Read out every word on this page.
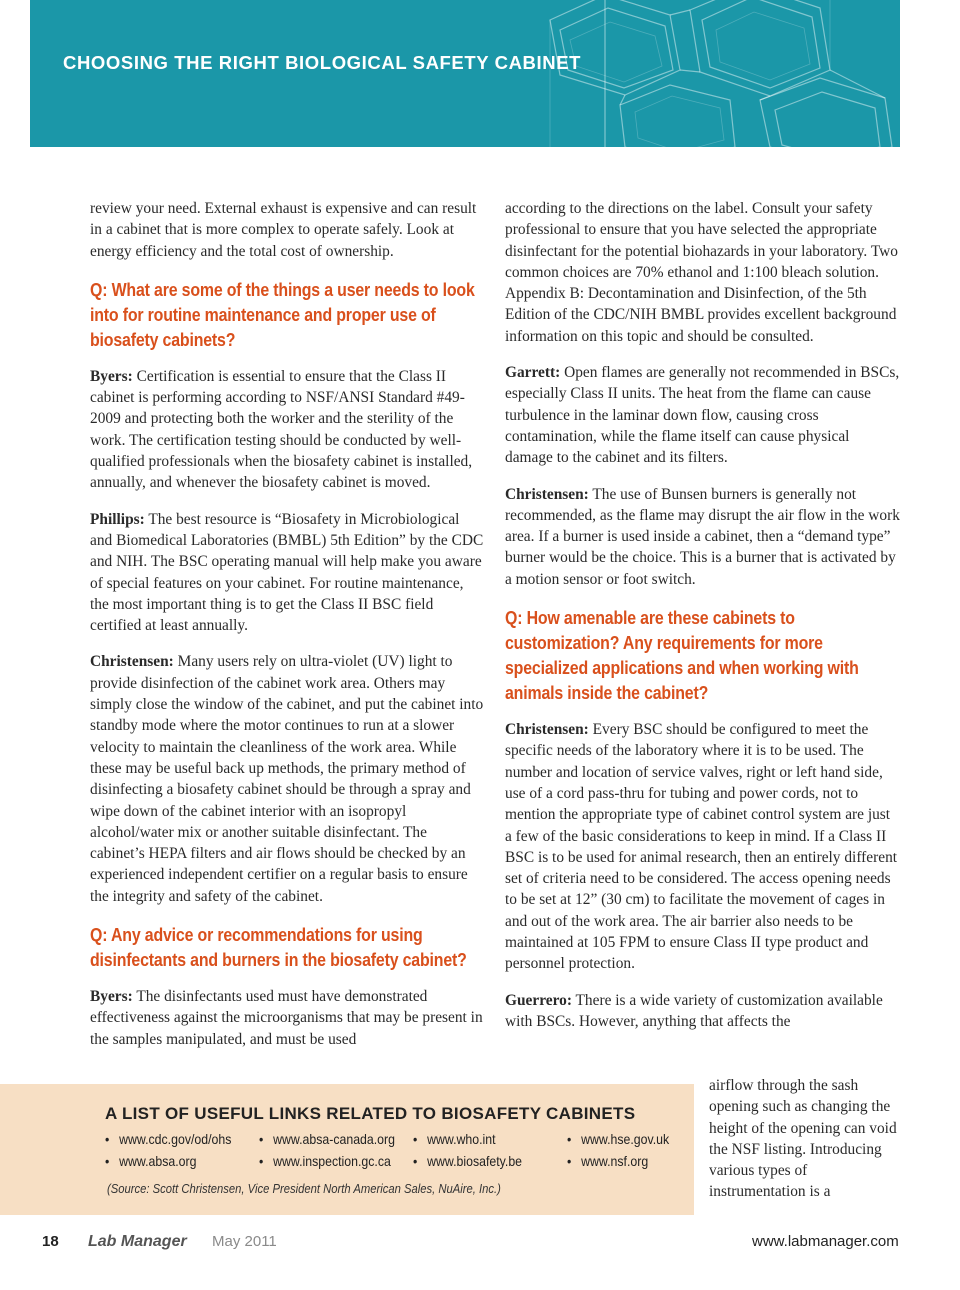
CHOOSING THE RIGHT BIOLOGICAL SAFETY CABINET

review your need. External exhaust is expensive and can result in a cabinet that is more complex to operate safely. Look at energy efficiency and the total cost of ownership.

Q: What are some of the things a user needs to look into for routine maintenance and proper use of biosafety cabinets?

Byers: Certification is essential to ensure that the Class II cabinet is performing according to NSF/ANSI Standard #49-2009 and protecting both the worker and the sterility of the work. The certification testing should be conducted by well-qualified professionals when the biosafety cabinet is installed, annually, and whenever the biosafety cabinet is moved.

Phillips: The best resource is “Biosafety in Microbiological and Biomedical Laboratories (BMBL) 5th Edition” by the CDC and NIH. The BSC operating manual will help make you aware of special features on your cabinet. For routine maintenance, the most important thing is to get the Class II BSC field certified at least annually.

Christensen: Many users rely on ultra-violet (UV) light to provide disinfection of the cabinet work area. Others may simply close the window of the cabinet, and put the cabinet into standby mode where the motor continues to run at a slower velocity to maintain the cleanliness of the work area. While these may be useful back up methods, the primary method of disinfecting a biosafety cabinet should be through a spray and wipe down of the cabinet interior with an isopropyl alcohol/water mix or another suitable disinfectant. The cabinet’s HEPA filters and air flows should be checked by an experienced independent certifier on a regular basis to ensure the integrity and safety of the cabinet.

Q: Any advice or recommendations for using disinfectants and burners in the biosafety cabinet?

Byers: The disinfectants used must have demonstrated effectiveness against the microorganisms that may be present in the samples manipulated, and must be used

according to the directions on the label. Consult your safety professional to ensure that you have selected the appropriate disinfectant for the potential biohazards in your laboratory. Two common choices are 70% ethanol and 1:100 bleach solution. Appendix B: Decontamination and Disinfection, of the 5th Edition of the CDC/NIH BMBL provides excellent background information on this topic and should be consulted.

Garrett: Open flames are generally not recommended in BSCs, especially Class II units. The heat from the flame can cause turbulence in the laminar down flow, causing cross contamination, while the flame itself can cause physical damage to the cabinet and its filters.

Christensen: The use of Bunsen burners is generally not recommended, as the flame may disrupt the air flow in the work area. If a burner is used inside a cabinet, then a “demand type” burner would be the choice. This is a burner that is activated by a motion sensor or foot switch.

Q: How amenable are these cabinets to customization? Any requirements for more specialized applications and when working with animals inside the cabinet?

Christensen: Every BSC should be configured to meet the specific needs of the laboratory where it is to be used. The number and location of service valves, right or left hand side, use of a cord pass-thru for tubing and power cords, not to mention the appropriate type of cabinet control system are just a few of the basic considerations to keep in mind. If a Class II BSC is to be used for animal research, then an entirely different set of criteria need to be considered. The access opening needs to be set at 12” (30 cm) to facilitate the movement of cages in and out of the work area. The air barrier also needs to be maintained at 105 FPM to ensure Class II type product and personnel protection.

Guerrero: There is a wide variety of customization available with BSCs. However, anything that affects the

airflow through the sash opening such as changing the height of the opening can void the NSF listing. Introducing various types of instrumentation is a
A LIST OF USEFUL LINKS RELATED TO BIOSAFETY CABINETS
• www.cdc.gov/od/ohs • www.absa-canada.org • www.who.int	• www.hse.gov.uk
• www.absa.org	• www.inspection.gc.ca • www.biosafety.be	• www.nsf.org
(Source: Scott Christensen, Vice President North American Sales, NuAire, Inc.)
18 Lab Manager May 2011	www.labmanager.com
